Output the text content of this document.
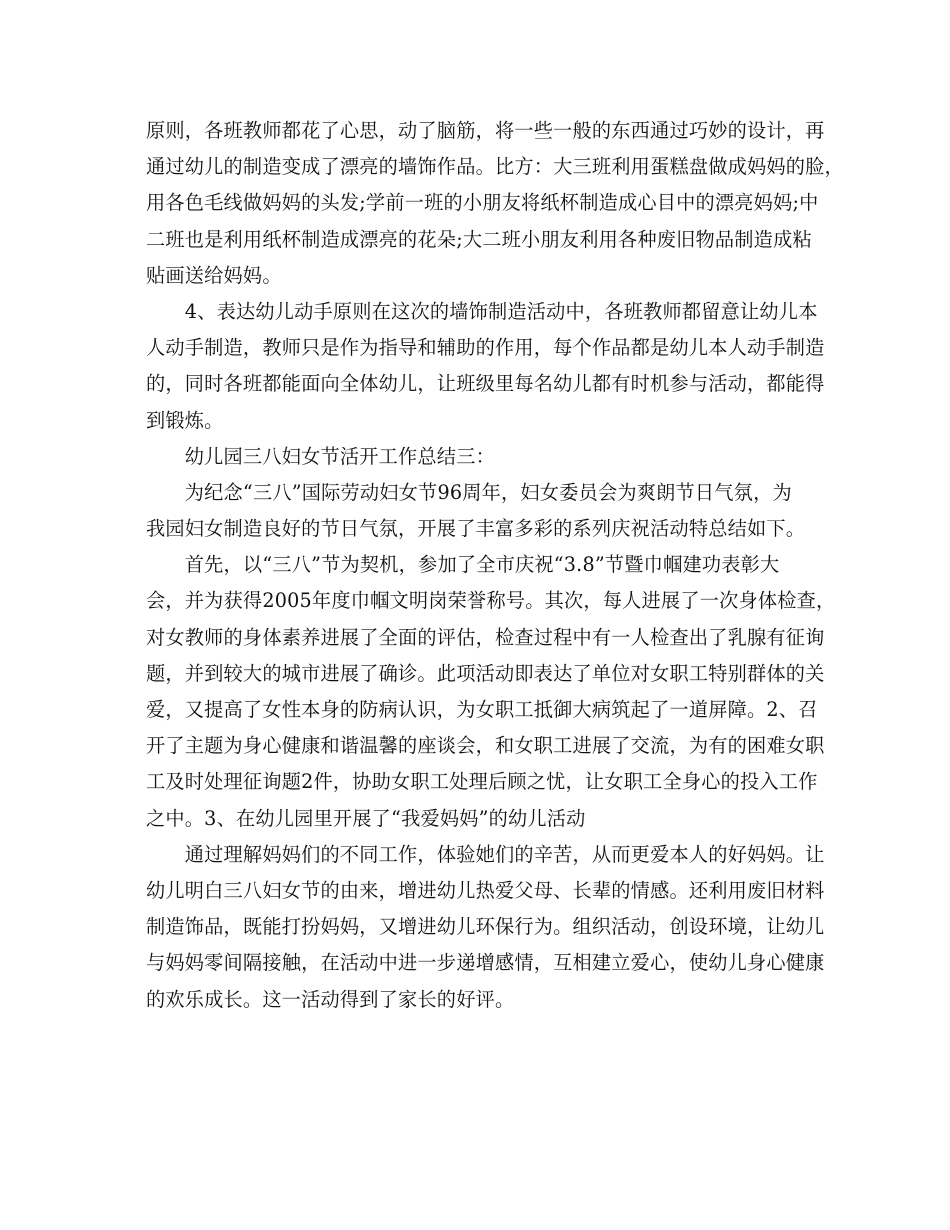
原则，各班教师都花了心思，动了脑筋，将一些一般的东西通过巧妙的设计，再
通过幼儿的制造变成了漂亮的墙饰作品。比方：大三班利用蛋糕盘做成妈妈的脸，
用各色毛线做妈妈的头发;学前一班的小朋友将纸杯制造成心目中的漂亮妈妈;中
二班也是利用纸杯制造成漂亮的花朵;大二班小朋友利用各种废旧物品制造成粘
贴画送给妈妈。
　　4、表达幼儿动手原则在这次的墙饰制造活动中，各班教师都留意让幼儿本
人动手制造，教师只是作为指导和辅助的作用，每个作品都是幼儿本人动手制造
的，同时各班都能面向全体幼儿，让班级里每名幼儿都有时机参与活动，都能得
到锻炼。
　　幼儿园三八妇女节活开工作总结三：
　　为纪念“三八”国际劳动妇女节96周年，妇女委员会为爽朗节日气氛，为
我园妇女制造良好的节日气氛，开展了丰富多彩的系列庆祝活动特总结如下。
　　首先，以“三八”节为契机，参加了全市庆祝“3.8”节暨巾帼建功表彰大
会，并为获得2005年度巾帼文明岗荣誉称号。其次，每人进展了一次身体检查，
对女教师的身体素养进展了全面的评估，检查过程中有一人检查出了乳腺有征询
题，并到较大的城市进展了确诊。此项活动即表达了单位对女职工特别群体的关
爱，又提高了女性本身的防病认识，为女职工抵御大病筑起了一道屏障。2、召
开了主题为身心健康和谐温馨的座谈会，和女职工进展了交流，为有的困难女职
工及时处理征询题2件，协助女职工处理后顾之忧，让女职工全身心的投入工作
之中。3、在幼儿园里开展了“我爱妈妈”的幼儿活动
　　通过理解妈妈们的不同工作，体验她们的辛苦，从而更爱本人的好妈妈。让
幼儿明白三八妇女节的由来，增进幼儿热爱父母、长辈的情感。还利用废旧材料
制造饰品，既能打扮妈妈，又增进幼儿环保行为。组织活动，创设环境，让幼儿
与妈妈零间隔接触，在活动中进一步递增感情，互相建立爱心，使幼儿身心健康
的欢乐成长。这一活动得到了家长的好评。
